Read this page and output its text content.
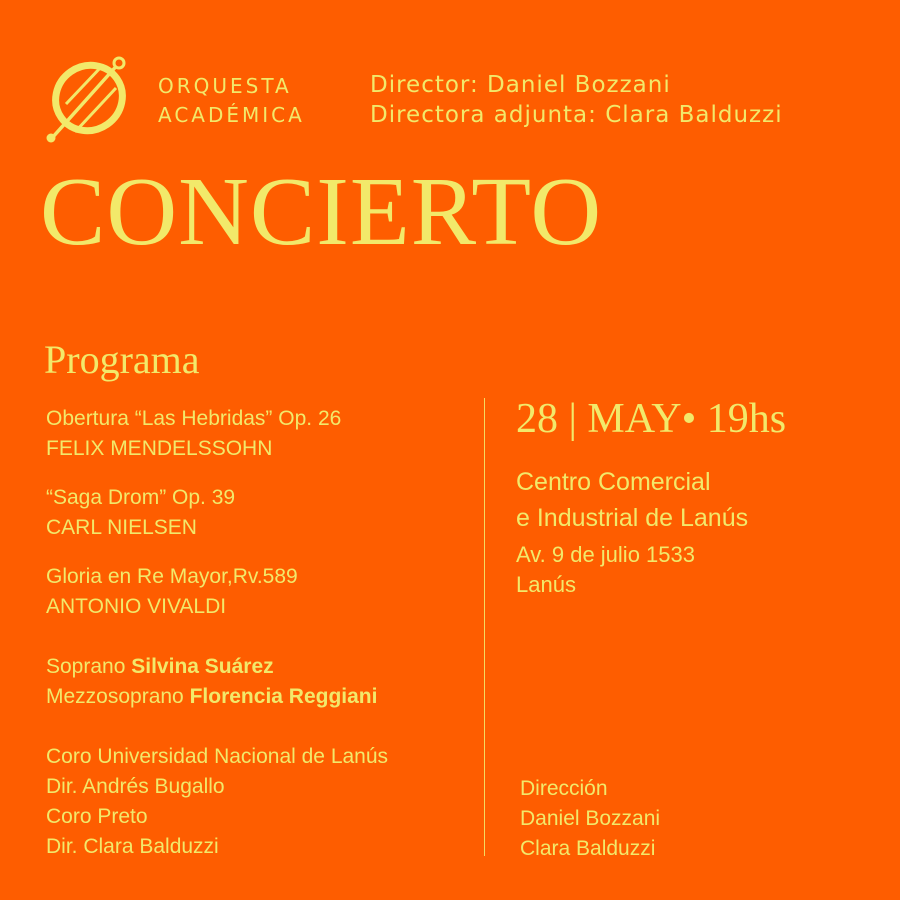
ORQUESTA
ACADÉMICA
Director: Daniel Bozzani
Directora adjunta: Clara Balduzzi
CONCIERTO
Programa
Obertura “Las Hebridas” Op. 26
FELIX MENDELSSOHN
“Saga Drom” Op. 39
CARL NIELSEN
Gloria en Re Mayor,Rv.589
ANTONIO VIVALDI
Soprano Silvina Suárez
Mezzosoprano Florencia Reggiani
Coro Universidad Nacional de Lanús
Dir. Andrés Bugallo
Coro Preto
Dir. Clara Balduzzi
28 | MAY• 19hs
Centro Comercial
e Industrial de Lanús
Av. 9 de julio 1533
Lanús
Dirección
Daniel Bozzani
Clara Balduzzi
